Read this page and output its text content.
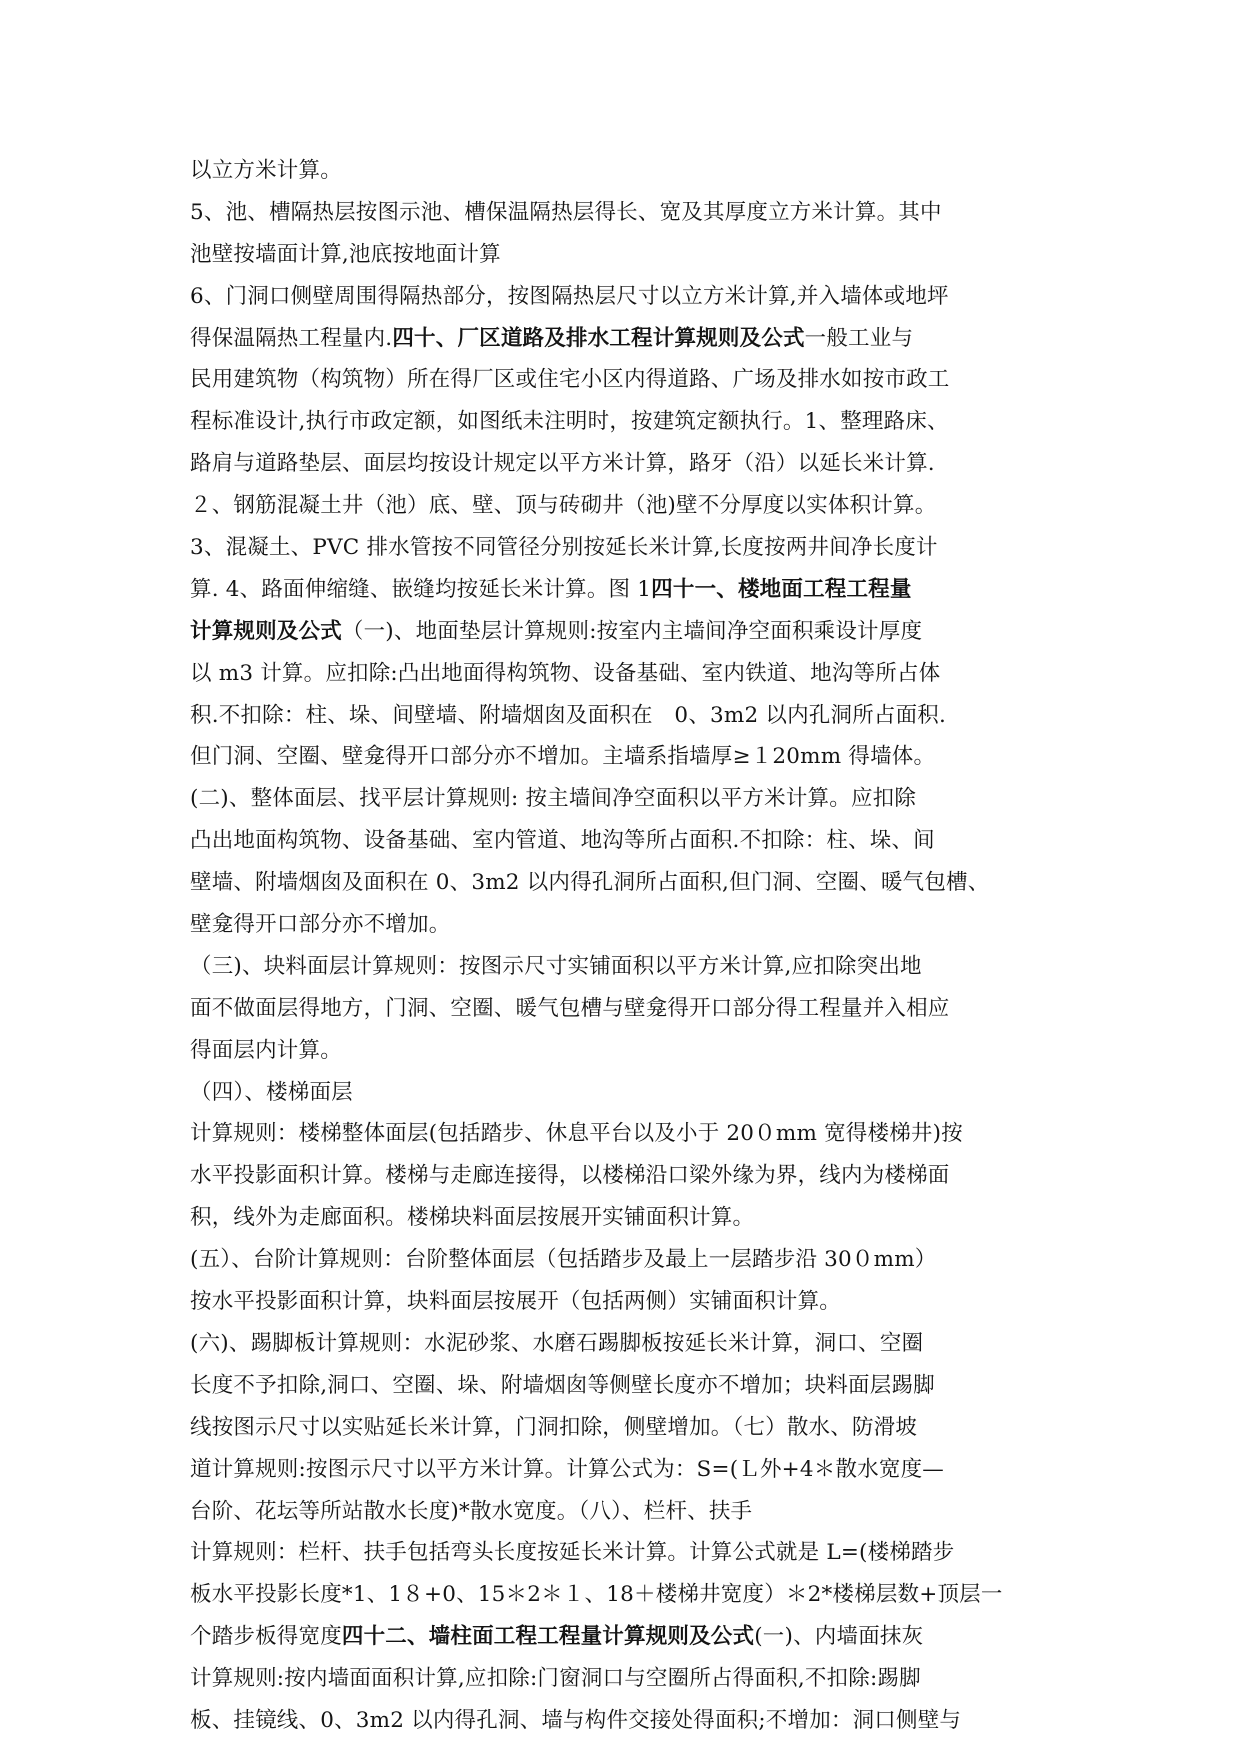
以立方米计算。
5、池、槽隔热层按图示池、槽保温隔热层得长、宽及其厚度立方米计算。其中
池壁按墙面计算,池底按地面计算
6、门洞口侧壁周围得隔热部分，按图隔热层尺寸以立方米计算,并入墙体或地坪
得保温隔热工程量内.四十、厂区道路及排水工程计算规则及公式一般工业与
民用建筑物（构筑物）所在得厂区或住宅小区内得道路、广场及排水如按市政工
程标准设计,执行市政定额，如图纸未注明时，按建筑定额执行。1、整理路床、
路肩与道路垫层、面层均按设计规定以平方米计算，路牙（沿）以延长米计算.
２、钢筋混凝土井（池）底、壁、顶与砖砌井（池)壁不分厚度以实体积计算。
3、混凝土、PVC 排水管按不同管径分别按延长米计算,长度按两井间净长度计
算. 4、路面伸缩缝、嵌缝均按延长米计算。图 1四十一、楼地面工程工程量
计算规则及公式（一)、地面垫层计算规则:按室内主墙间净空面积乘设计厚度
以 m3 计算。应扣除:凸出地面得构筑物、设备基础、室内铁道、地沟等所占体
积.不扣除：柱、垛、间壁墙、附墙烟囱及面积在　0、3m2 以内孔洞所占面积.
但门洞、空圈、壁龛得开口部分亦不增加。主墙系指墙厚≥１20mm 得墙体。
(二)、整体面层、找平层计算规则: 按主墙间净空面积以平方米计算。应扣除
凸出地面构筑物、设备基础、室内管道、地沟等所占面积.不扣除：柱、垛、间
壁墙、附墙烟囱及面积在 0、3m2 以内得孔洞所占面积,但门洞、空圈、暖气包槽、
壁龛得开口部分亦不增加。
（三)、块料面层计算规则：按图示尺寸实铺面积以平方米计算,应扣除突出地
面不做面层得地方，门洞、空圈、暖气包槽与壁龛得开口部分得工程量并入相应
得面层内计算。
（四）、楼梯面层
计算规则：楼梯整体面层(包括踏步、休息平台以及小于 20０mm 宽得楼梯井)按
水平投影面积计算。楼梯与走廊连接得，以楼梯沿口梁外缘为界，线内为楼梯面
积，线外为走廊面积。楼梯块料面层按展开实铺面积计算。
(五）、台阶计算规则：台阶整体面层（包括踏步及最上一层踏步沿 30０mm）
按水平投影面积计算，块料面层按展开（包括两侧）实铺面积计算。
(六)、踢脚板计算规则：水泥砂浆、水磨石踢脚板按延长米计算，洞口、空圈
长度不予扣除,洞口、空圈、垛、附墙烟囱等侧壁长度亦不增加；块料面层踢脚
线按图示尺寸以实贴延长米计算，门洞扣除，侧壁增加。（七）散水、防滑坡
道计算规则:按图示尺寸以平方米计算。计算公式为：S=(Ｌ外+4＊散水宽度—
台阶、花坛等所站散水长度)*散水宽度。（八）、栏杆、扶手
计算规则：栏杆、扶手包括弯头长度按延长米计算。计算公式就是 L=(楼梯踏步
板水平投影长度*1、1８+0、15＊2＊１、18＋楼梯井宽度）＊2*楼梯层数+顶层一
个踏步板得宽度四十二、墙柱面工程工程量计算规则及公式(一)、内墙面抹灰
计算规则:按内墙面面积计算,应扣除:门窗洞口与空圈所占得面积,不扣除:踢脚
板、挂镜线、0、3m2 以内得孔洞、墙与构件交接处得面积;不增加：洞口侧壁与
